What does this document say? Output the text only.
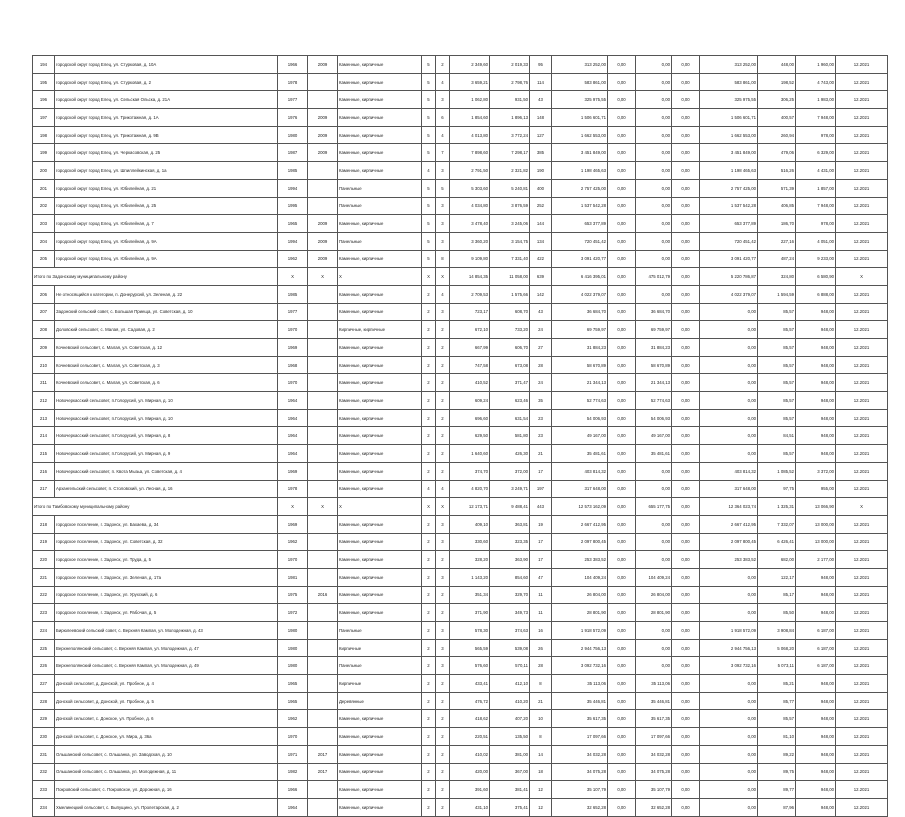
194	городской округ город Елец, ул. Стурковая, д. 10А	1966	2009	Каменные, кирпичные	5	2	2 349,60	2 019,33	95	313 252,00	0,00	0,00	0,00	313 252,00	448,00	1 960,00	12.2021
195	городской округ город Елец, ул. Стурковая, д. 2	1978		Каменные, кирпичные	5	4	3 659,21	2 798,76	114	583 861,00	0,00	0,00	0,00	583 861,00	198,52	4 743,00	12.2021
196	городской округ город Елец, ул. Сельская Ольска, д. 21А	1977		Каменные, кирпичные	5	3	1 062,80	931,50	43	325 975,55	0,00	0,00	0,00	325 975,55	306,25	1 983,00	12.2021
197	городской округ город Елец, ул. Трикотажная, д. 1А	1976	2009	Каменные, кирпичные	5	6	1 854,60	1 896,13	148	1 506 601,71	0,00	0,00	0,00	1 506 601,71	400,57	7 948,00	12.2021
198	городской округ город Елец, ул. Трикотажная, д. 9В	1980	2009	Каменные, кирпичные	5	4	4 013,80	3 772,24	127	1 662 553,00	0,00	0,00	0,00	1 662 553,00	260,94	978,00	12.2021
199	городской округ город Елец, ул. Черкасовская, д. 25	1987	2009	Каменные, кирпичные	5	7	7 898,60	7 298,17	385	3 451 849,00	0,00	0,00	0,00	3 451 849,00	479,06	6 329,00	12.2021
200	городской округ город Елец, ул. Шпиллейкинская, д. 1а	1985		Каменные, кирпичные	4	3	2 791,50	2 321,82	190	1 198 465,63	0,00	0,00	0,00	1 198 465,63	516,26	4 431,00	12.2021
201	городской округ город Елец, ул. Юбилейная, д. 21	1994		Панельные	5	5	5 303,60	5 240,81	400	2 757 425,00	0,00	0,00	0,00	2 757 425,00	571,39	1 857,00	12.2021
202	городской округ город Елец, ул. Юбилейная, д. 25	1995		Панельные	5	3	4 034,80	3 876,59	252	1 537 542,28	0,00	0,00	0,00	1 537 542,28	406,85	7 948,00	12.2021
203	городской округ город Елец, ул. Юбилейная, д. 7	1965	2009	Каменные, кирпичные	5	3	3 478,40	3 245,06	144	653 377,89	0,00	0,00	0,00	653 377,89	186,70	978,00	12.2021
204	городской округ город Елец, ул. Юбилейная, д. 9А	1994	2009	Панельные	5	3	3 360,20	3 154,75	134	720 451,42	0,00	0,00	0,00	720 451,42	227,16	4 051,00	12.2021
205	городской округ город Елец, ул. Юбилейная, д. 9А	1962	2009	Каменные, кирпичные	5	8	9 109,80	7 331,40	422	3 091 420,77	0,00	0,00	0,00	3 091 420,77	487,24	9 233,00	12.2021
Итого по Задонскому муниципальному району		X	X	X	X	X	14 854,35	11 058,00	639	6 416 395,01	0,00	475 012,79	0,00	5 220 786,87	324,80	6 580,90	X
206	Не относящийся к категории, п. Донерурсий, ул. Зеленая, д. 22	1985		Каменные, кирпичные	2	4	2 709,53	1 575,66	142	4 022 379,07	0,00	0,00	0,00	4 022 379,07	1 594,59	6 888,00	12.2021
207	Задонский сельский совет, с. Большая Приеща, ул. Советская, д. 10	1977		Каменные, кирпичные	2	3	723,17	608,70	43	36 684,70	0,00	36 684,70	0,00	0,00	85,57	948,00	12.2021
208	Доловский сельсовет, с. Малая, ул. Садовая, д. 2	1970		Кирпичные, кирпичные	2	2	672,10	733,20	24	69 759,97	0,00	69 759,97	0,00	0,00	85,57	948,00	12.2021
209	Кочневский сельсовет, с. Малая, ул. Советская, д. 12	1969		Каменные, кирпичные	2	2	667,99	606,70	27	31 884,23	0,00	31 884,23	0,00	0,00	85,57	948,00	12.2021
210	Кочневский сельсовет, с. Малая, ул. Советская, д. 3	1968		Каменные, кирпичные	2	2	747,58	673,08	28	58 670,89	0,00	58 670,89	0,00	0,00	85,57	948,00	12.2021
211	Кочневский сельсовет, с. Малая, ул. Советская, д. 6	1970		Каменные, кирпичные	2	2	410,52	371,47	24	21 344,13	0,00	21 344,13	0,00	0,00	85,57	948,00	12.2021
212	Новочеркасский сельсовет, п.Голорусий, ул. Мирная, д. 10	1964		Каменные, кирпичные	2	2	609,24	623,46	35	52 774,63	0,00	52 774,63	0,00	0,00	85,57	948,00	12.2021
213	Новочеркасский сельсовет, п.Голорусий, ул. Мирная, д. 10	1964		Каменные, кирпичные	2	2	696,60	631,54	23	54 006,93	0,00	54 006,93	0,00	0,00	85,57	948,00	12.2021
214	Новочеркасский сельсовет, п.Голорусий, ул. Мирная, д. 8	1964		Каменные, кирпичные	2	2	629,50	581,80	23	49 167,00	0,00	49 167,00	0,00	0,00	84,51	948,00	12.2021
215	Новочеркасский сельсовет, п.Голорусий, ул. Мирная, д. 9	1964		Каменные, кирпичные	2	2	1 640,60	426,30	21	35 481,61	0,00	35 481,61	0,00	0,00	85,57	948,00	12.2021
216	Новочеркасский сельсовет, п. Квота Мызьа, ул. Советская, д. 4	1969		Каменные, кирпичные	2	2	374,70	372,00	17	403 814,32	0,00	0,00	0,00	403 814,32	1 085,52	3 372,00	12.2021
217	Архангельский сельсовет, п. Столовский, ул. Лесная, д. 16	1978		Каменные, кирпичные	4	4	4 820,70	3 249,71	197	317 648,00	0,00	0,00	0,00	317 648,00	97,75	955,00	12.2021
Итого по Тамбовскому муниципальному району		X	X	X	X	X	12 173,71	9 488,41	443	12 573 162,09	0,00	655 177,75	0,00	12 364 023,74	1 325,31	13 066,90	X
218	городское поселение, г. Задонск, ул. Бахаева, д. 34	1969		Каменные, кирпичные	2	3	409,10	363,81	19	2 667 412,95	0,00	0,00	0,00	2 667 412,95	7 332,07	13 000,00	12.2021
219	городское поселение, г. Задонск, ул. Советская, д. 32	1962		Каменные, кирпичные	2	3	330,60	323,35	17	2 097 800,45	0,00	0,00	0,00	2 097 800,45	6 426,41	13 000,00	12.2021
220	городское поселение, г. Задонск, ул. Труда, д. 5	1970		Каменные, кирпичные	2	2	328,20	363,90	17	253 383,52	0,00	0,00	0,00	253 383,52	682,00	2 177,00	12.2021
221	городское поселение, г. Задонск, ул. Зеленая, д. 17а	1981		Каменные, кирпичные	2	3	1 143,20	854,60	47	104 409,24	0,00	104 409,24	0,00	0,00	122,17	948,00	12.2021
222	городское поселение, г. Задонск, ул. Урухский, д. 6	1975	2016	Каменные, кирпичные	2	2	351,34	329,70	11	26 804,00	0,00	26 804,00	0,00	0,00	85,17	948,00	12.2021
223	городское поселение, г. Задонск, ул. Рабочая, д. 5	1972		Каменные, кирпичные	2	2	371,90	349,73	11	28 801,90	0,00	28 801,90	0,00	0,00	85,50	948,00	12.2021
224	Бирюлеевский сельский совет, с. Верхняя Кампая, ул. Молодежная, д. 43	1980		Панельные	2	3	578,30	374,63	16	1 918 572,09	0,00	0,00	0,00	1 918 572,09	3 908,84	6 187,00	12.2021
225	Верхнеполянский сельсовет, с. Верхняя Кампая, ул. Молодежная, д. 47	1980		Кирпичные	2	3	565,59	539,08	26	2 944 756,13	0,00	0,00	0,00	2 944 756,13	5 068,20	6 187,00	12.2021
226	Верхнеполянский сельсовет, с. Верхняя Кампая, ул. Молодежная, д. 49	1980		Панельные	2	3	576,60	570,11	28	3 092 732,16	0,00	0,00	0,00	3 092 732,16	5 073,11	6 187,00	12.2021
227	Донской сельсовет, д. Донской, ул. Пробное, д. 4	1965		Кирпичные	2	2	433,41	412,10	8	35 113,06	0,00	35 113,06	0,00	0,00	85,21	948,00	12.2021
228	Донской сельсовет, д. Донской, ул. Пробное, д. 5	1965		Деревянные	2	2	476,72	410,20	21	35 446,81	0,00	35 446,81	0,00	0,00	85,77	948,00	12.2021
229	Донской сельсовет, с. Донское, ул. Пробное, д. 6	1962		Каменные, кирпичные	2	2	418,62	407,20	10	35 617,35	0,00	35 617,35	0,00	0,00	85,57	948,00	12.2021
230	Донской сельсовет, с. Донское, ул. Мира, д. 36а	1970		Каменные, кирпичные	2	2	220,51	135,50	8	17 097,66	0,00	17 097,66	0,00	0,00	81,10	948,00	12.2021
231	Ольшанский сельсовет, с. Ольшанка, ул. Заводская, д. 10	1971	2017	Каменные, кирпичные	2	2	410,02	381,00	14	34 032,28	0,00	34 032,28	0,00	0,00	89,22	948,00	12.2021
232	Ольшанский сельсовет, с. Ольшанка, ул. Молодежная, д. 11	1982	2017	Каменные, кирпичные	2	2	420,00	367,00	18	34 075,28	0,00	34 075,28	0,00	0,00	89,75	948,00	12.2021
233	Покровский сельсовет, с. Покровское, ул. Дорожная, д. 16	1966		Каменные, кирпичные	2	2	391,60	381,41	12	35 107,79	0,00	35 107,79	0,00	0,00	89,77	948,00	12.2021
234	Хмелинецкий сельсовет, с. Выпущино, ул. Пролетарская, д. 2	1964		Каменные, кирпичные	2	2	431,10	375,41	12	32 652,28	0,00	32 652,28	0,00	0,00	87,96	948,00	12.2021
